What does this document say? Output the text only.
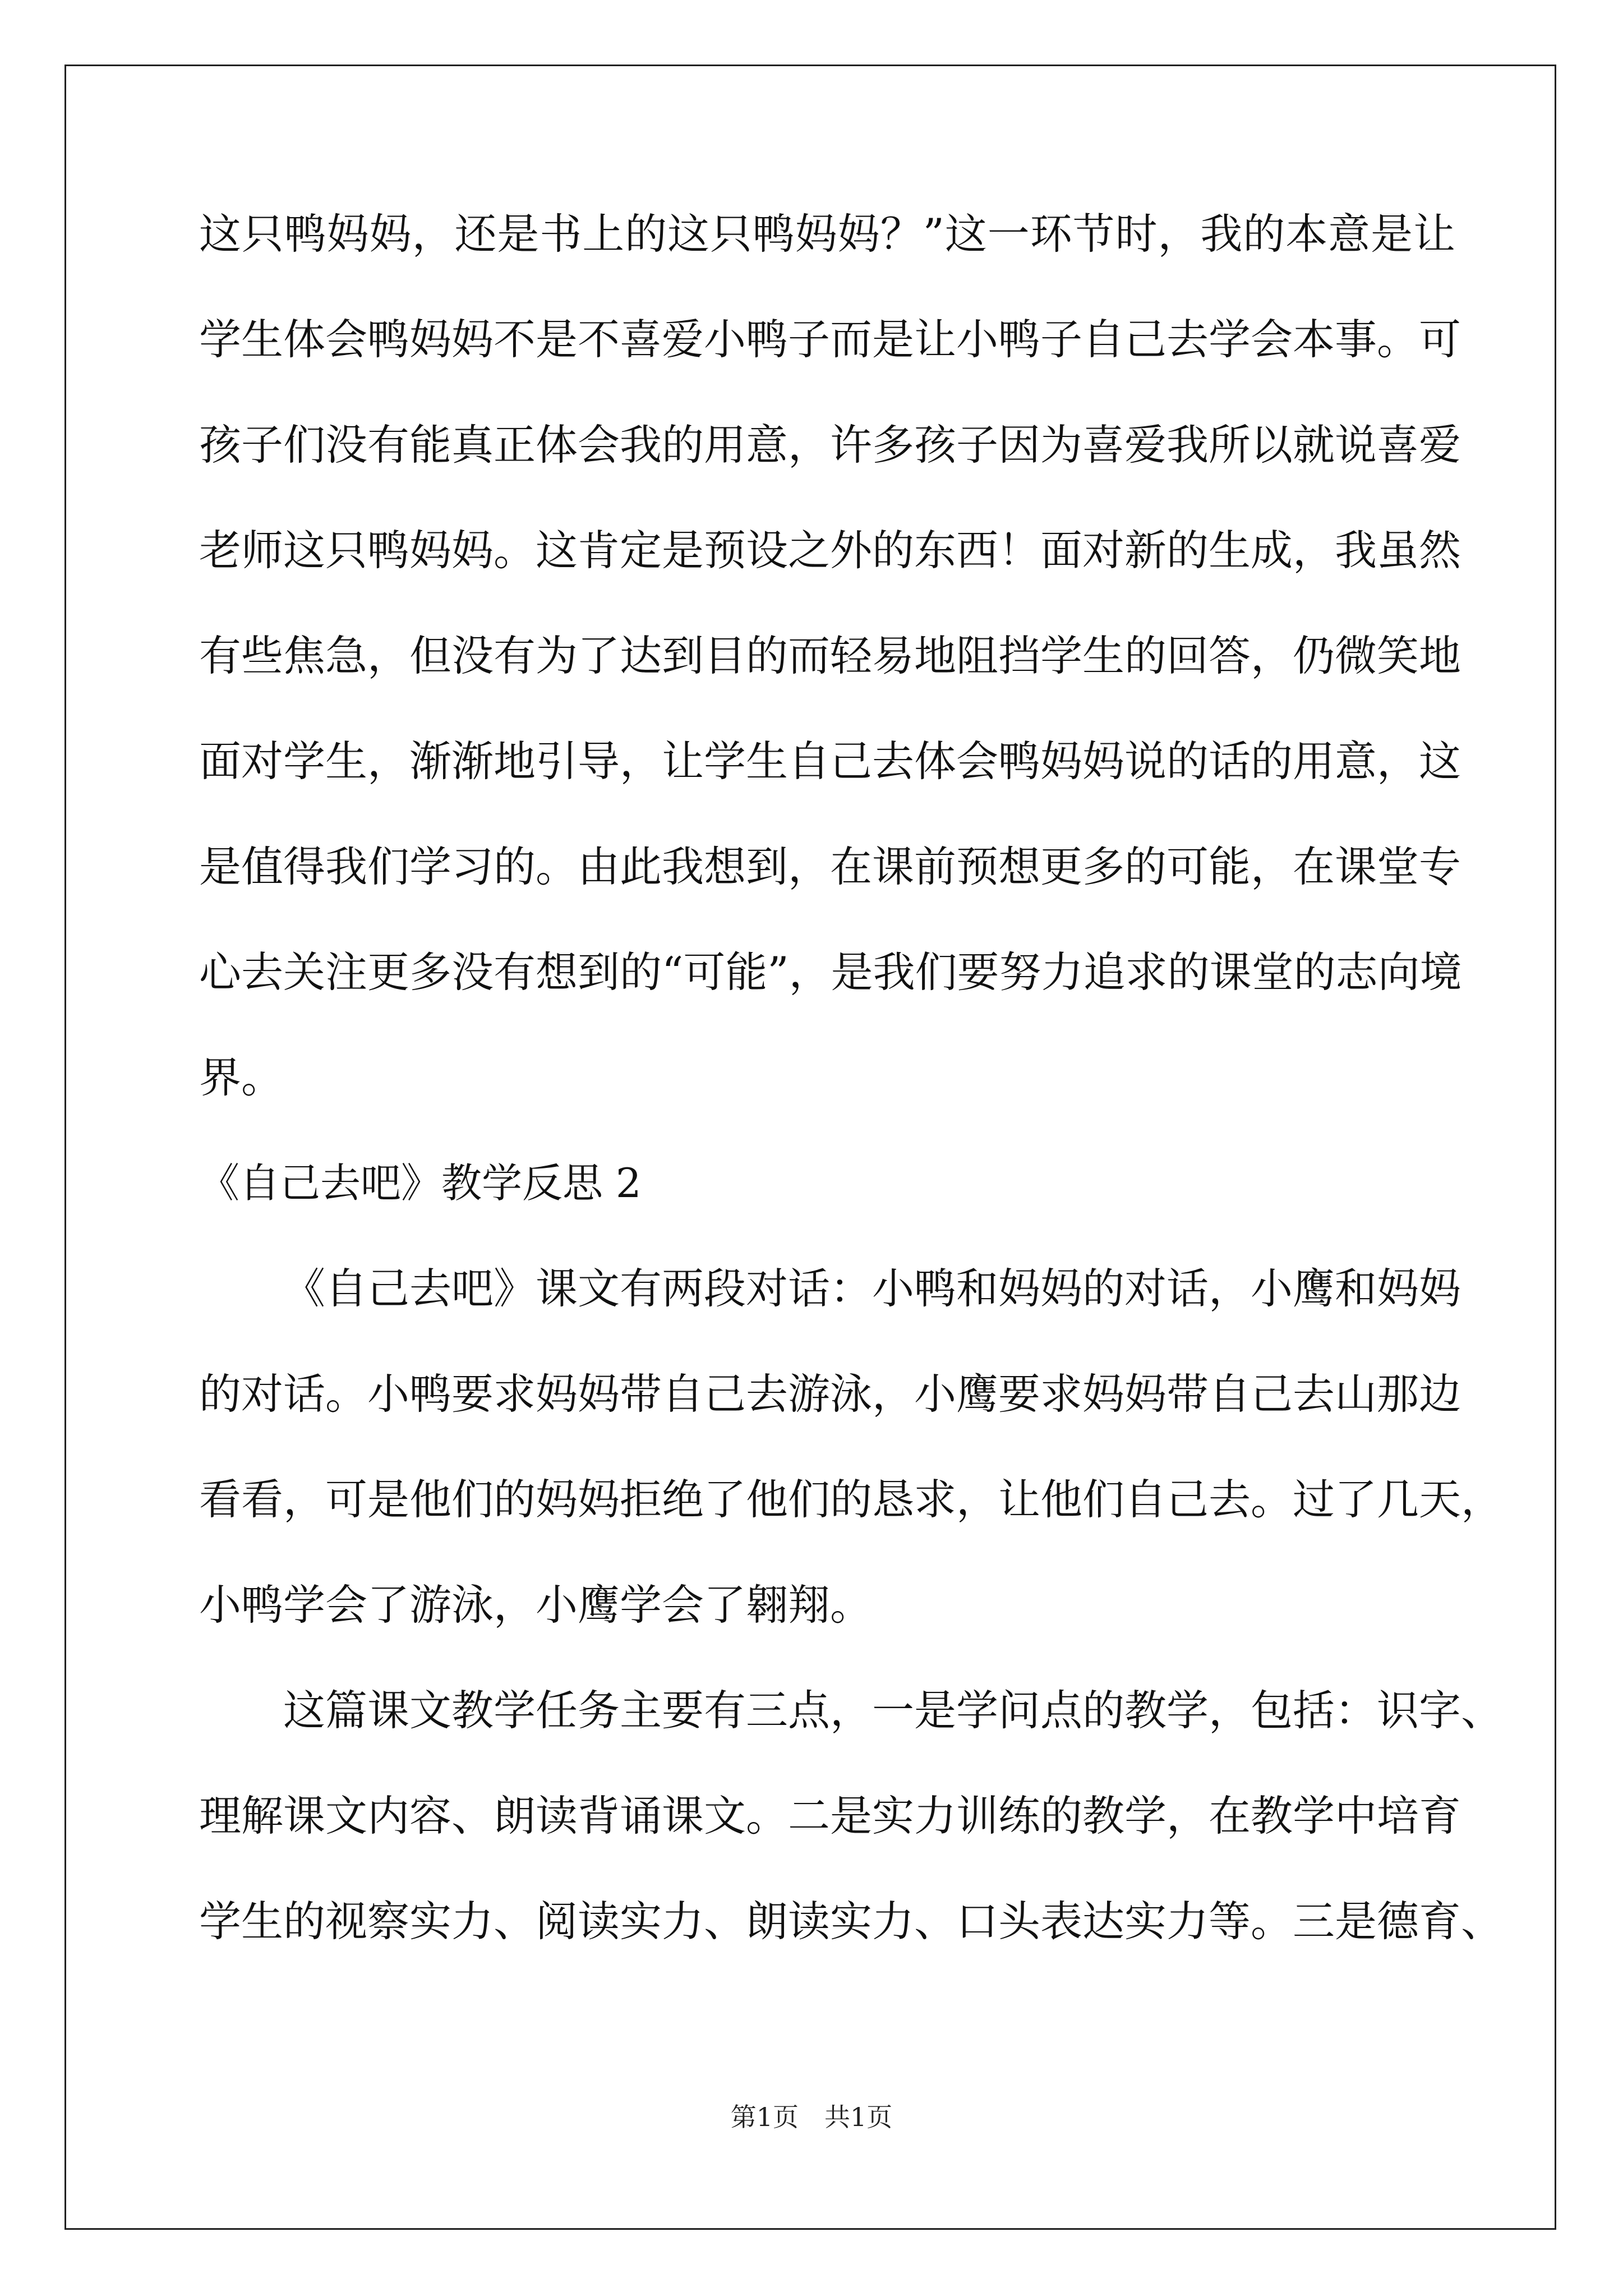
这只鸭妈妈，还是书上的这只鸭妈妈？”这一环节时，我的本意是让
学生体会鸭妈妈不是不喜爱小鸭子而是让小鸭子自己去学会本事。可
孩子们没有能真正体会我的用意，许多孩子因为喜爱我所以就说喜爱
老师这只鸭妈妈。这肯定是预设之外的东西！面对新的生成，我虽然
有些焦急，但没有为了达到目的而轻易地阻挡学生的回答，仍微笑地
面对学生，渐渐地引导，让学生自己去体会鸭妈妈说的话的用意，这
是值得我们学习的。由此我想到，在课前预想更多的可能，在课堂专
心去关注更多没有想到的“可能”，是我们要努力追求的课堂的志向境
界。
《自己去吧》教学反思 2
《自己去吧》课文有两段对话：小鸭和妈妈的对话，小鹰和妈妈
的对话。小鸭要求妈妈带自己去游泳，小鹰要求妈妈带自己去山那边
看看，可是他们的妈妈拒绝了他们的恳求，让他们自己去。过了几天，
小鸭学会了游泳，小鹰学会了翱翔。
这篇课文教学任务主要有三点，一是学问点的教学，包括：识字、
理解课文内容、朗读背诵课文。二是实力训练的教学，在教学中培育
学生的视察实力、阅读实力、朗读实力、口头表达实力等。三是德育、
第1页　共1页
